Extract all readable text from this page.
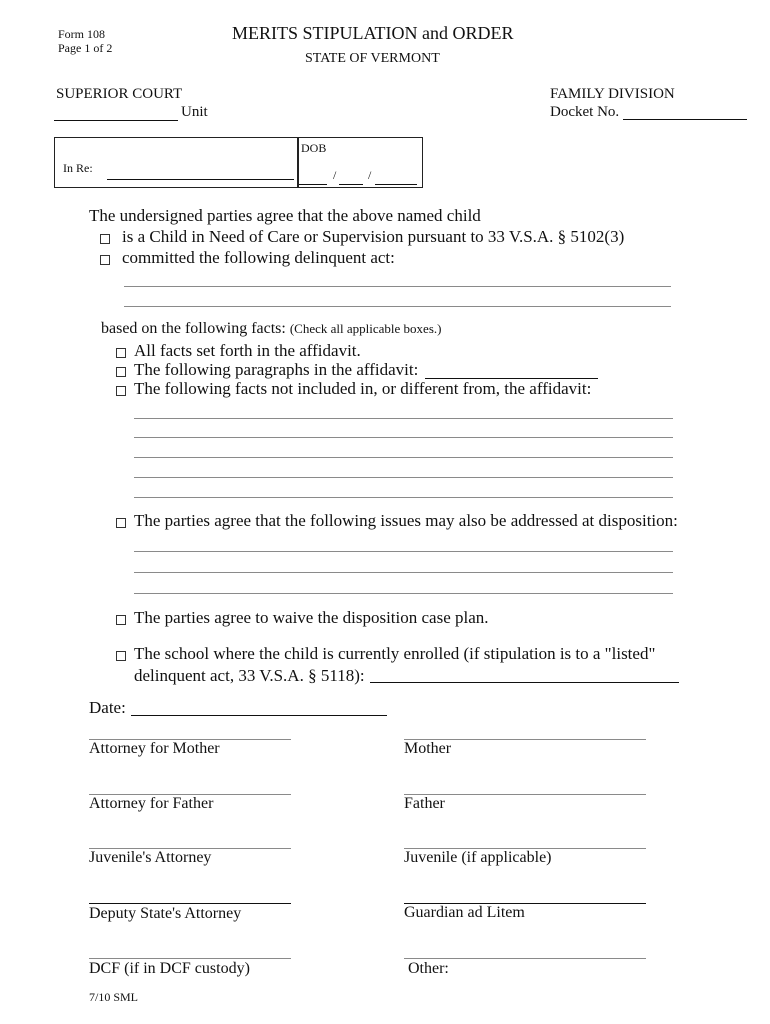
Form 108
Page 1 of 2
MERITS STIPULATION and ORDER
STATE OF VERMONT
SUPERIOR COURT
Unit
FAMILY DIVISION
Docket No.
In Re:
DOB
/	/
The undersigned parties agree that the above named child
is a Child in Need of Care or Supervision pursuant to 33 V.S.A. § 5102(3)
committed the following delinquent act:
based on the following facts: (Check all applicable boxes.)
All facts set forth in the affidavit.
The following paragraphs in the affidavit:
The following facts not included in, or different from, the affidavit:
The parties agree that the following issues may also be addressed at disposition:
The parties agree to waive the disposition case plan.
The school where the child is currently enrolled (if stipulation is to a "listed"
delinquent act, 33 V.S.A. § 5118):
Date:
Attorney for Mother
Attorney for Father
Juvenile's Attorney
Deputy State's Attorney
DCF (if in DCF custody)
Mother
Father
Juvenile (if applicable)
Guardian ad Litem
Other:
7/10 SML
